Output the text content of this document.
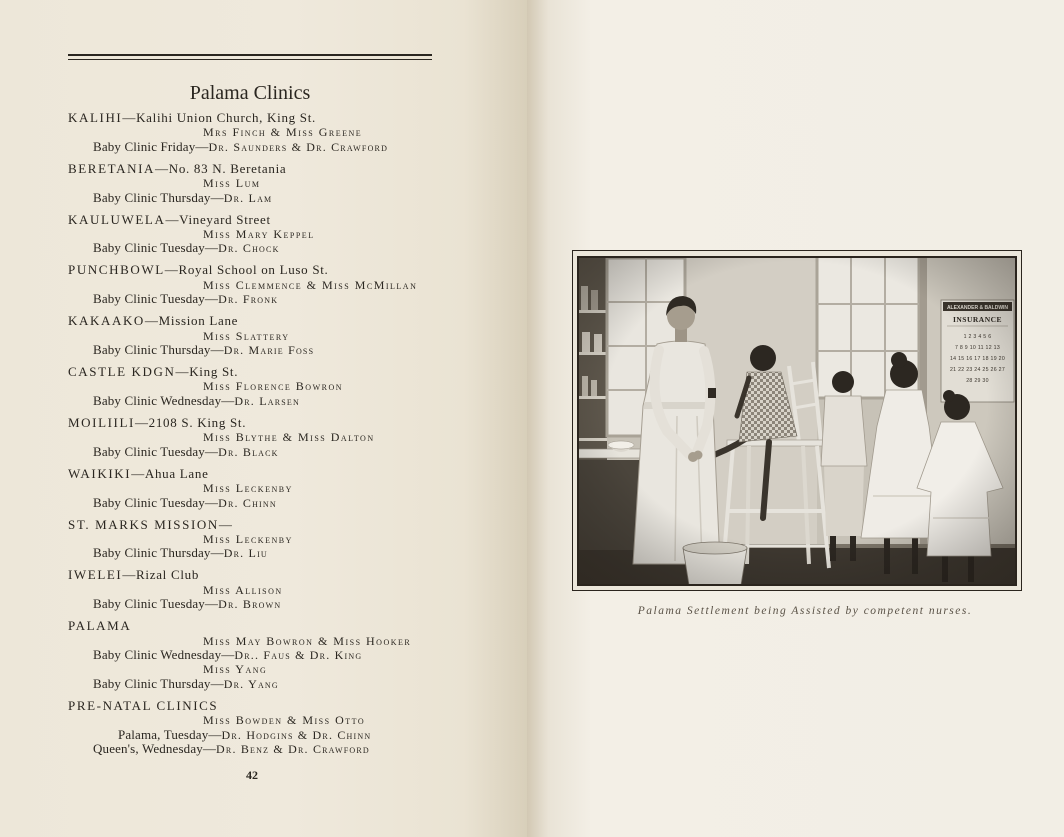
Palama Clinics
KALIHI—Kalihi Union Church, King St.
Mrs Finch & Miss Greene
Baby Clinic Friday—Dr. Saunders & Dr. Crawford
BERETANIA—No. 83 N. Beretania
Miss Lum
Baby Clinic Thursday—Dr. Lam
KAULUWELA—Vineyard Street
Miss Mary Keppel
Baby Clinic Tuesday—Dr. Chock
PUNCHBOWL—Royal School on Luso St.
Miss Clemmence & Miss McMillan
Baby Clinic Tuesday—Dr. Fronk
KAKAAKO—Mission Lane
Miss Slattery
Baby Clinic Thursday—Dr. Marie Foss
CASTLE KDGN—King St.
Miss Florence Bowron
Baby Clinic Wednesday—Dr. Larsen
MOILIILI—2108 S. King St.
Miss Blythe & Miss Dalton
Baby Clinic Tuesday—Dr. Black
WAIKIKI—Ahua Lane
Miss Leckenby
Baby Clinic Tuesday—Dr. Chinn
ST. MARKS MISSION—
Miss Leckenby
Baby Clinic Thursday—Dr. Liu
IWELEI—Rizal Club
Miss Allison
Baby Clinic Tuesday—Dr. Brown
PALAMA
Miss May Bowron & Miss Hooker
Baby Clinic Wednesday—Dr.. Faus & Dr. King
Miss Yang
Baby Clinic Thursday—Dr. Yang
PRE-NATAL CLINICS
Miss Bowden & Miss Otto
Palama, Tuesday—Dr. Hodgins & Dr. Chinn
Queen's, Wednesday—Dr. Benz & Dr. Crawford
42
Palama Settlement being Assisted by competent nurses.
